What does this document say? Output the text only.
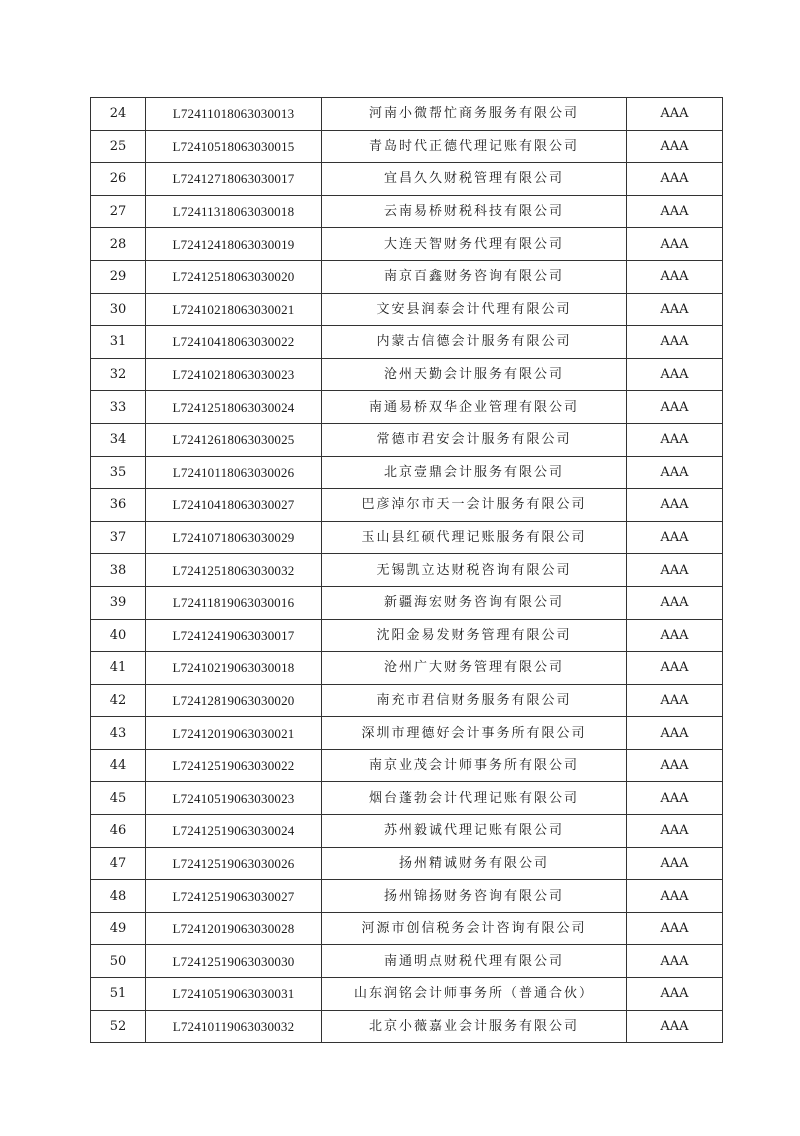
24	L72411018063030013	河南小微帮忙商务服务有限公司	AAA
25	L72410518063030015	青岛时代正德代理记账有限公司	AAA
26	L72412718063030017	宜昌久久财税管理有限公司	AAA
27	L72411318063030018	云南易桥财税科技有限公司	AAA
28	L72412418063030019	大连天智财务代理有限公司	AAA
29	L72412518063030020	南京百鑫财务咨询有限公司	AAA
30	L72410218063030021	文安县润泰会计代理有限公司	AAA
31	L72410418063030022	内蒙古信德会计服务有限公司	AAA
32	L72410218063030023	沧州天勤会计服务有限公司	AAA
33	L72412518063030024	南通易桥双华企业管理有限公司	AAA
34	L72412618063030025	常德市君安会计服务有限公司	AAA
35	L72410118063030026	北京壹鼎会计服务有限公司	AAA
36	L72410418063030027	巴彦淖尔市天一会计服务有限公司	AAA
37	L72410718063030029	玉山县红硕代理记账服务有限公司	AAA
38	L72412518063030032	无锡凯立达财税咨询有限公司	AAA
39	L72411819063030016	新疆海宏财务咨询有限公司	AAA
40	L72412419063030017	沈阳金易发财务管理有限公司	AAA
41	L72410219063030018	沧州广大财务管理有限公司	AAA
42	L72412819063030020	南充市君信财务服务有限公司	AAA
43	L72412019063030021	深圳市理德好会计事务所有限公司	AAA
44	L72412519063030022	南京业茂会计师事务所有限公司	AAA
45	L72410519063030023	烟台蓬勃会计代理记账有限公司	AAA
46	L72412519063030024	苏州毅诚代理记账有限公司	AAA
47	L72412519063030026	扬州精诚财务有限公司	AAA
48	L72412519063030027	扬州锦扬财务咨询有限公司	AAA
49	L72412019063030028	河源市创信税务会计咨询有限公司	AAA
50	L72412519063030030	南通明点财税代理有限公司	AAA
51	L72410519063030031	山东润铭会计师事务所（普通合伙）	AAA
52	L72410119063030032	北京小薇嘉业会计服务有限公司	AAA
